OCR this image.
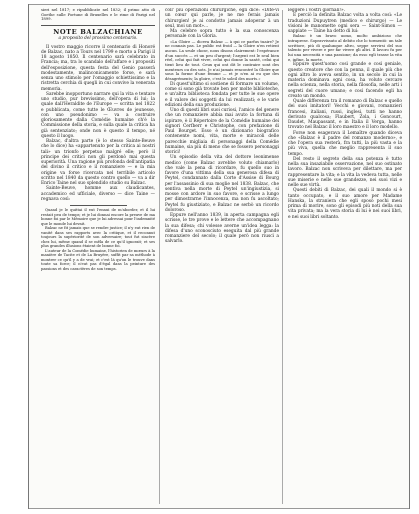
sieri nel 1817; e ripubblicate nel 1832; il primo atto di Goethe sulle Fortune di Bruxelles e le rime di Parigi nel 1899.

NOTE BALZACHIANE
a proposito del prossimo centenario.

Il vostro maggio ricorre il centenario di Honoré de Balzac, nato a Tours nel 1799 e morto a Parigi il 18 agosto 1850. Il centenario sarà celebrato in Francia; ma, tra lo scandalo dell'affare e i propositi dell'esposizione, questa festa del Genio passerà modestamente, malinconicamente forse, e sarà senza uno stimolo per l'omaggio schiettissimo e la ristretta cerchia di quegli in cui convive la venerata memoria.

Sarebbe inopportuno narrare qui la vita e tentare uno studio, pur brevissimo, dell'opera di lui; la quale dall'Heraldite de l'Europe — scritta nel 1822 e pubblicata, come tutte le Œuvres de jeunesse, con uno pseudonimo — va a costruire gloriosamente dalla Comédie humaine ch'è la Commissione della storia, e sulla quale la critica ha già sentenziato; onde non è questo il tempo, né questo il luogo.

Balzac, d'altra parte (è lo stesso Sainte-Beuve che lo dice) ha «appartenuto per la critica ai nostri tali» un trionfo perpetuo malgré elle; però il principe dei critici non gli perdonò mai questa superiorità. Una ragione più profonda dell'antipatia del divino il critico e il romanziere — e la mia origine va forse ricercata nel terribile articolo scritto nel 1840 da questo contro quello — va a dir Enrico Taine nel suo splendido studio su Balzac.

Sainte-Beuve, homme aux claudicantes, accademico ed ufficiale, diverso — dice Taine — regnava così:

Quand je le quittai il eut l'ennui de m'aborder, et il lui restait peu de temps; et je lui donnai encore la preuve de ma bonne foi par le Mémoire que je lui adressai pour l'indemnité que le monde lui devait.

Balzac ne fit jamais que se rendre justice; il n'y eut rien de vanité dans ses rapports avec la critique, et il reconnut toujours la supériorité de son adversaire; tout fut sincère chez lui, même quand il se mêla de ce qu'il ignorait; et ses plus grandes illusions étaient de bonne foi.

L'auteur de la Comédie humaine, l'historien de mœurs à la manière de Tacite et de La Bruyère, suffit par sa méthode à montrer ce qu'il y a de vrai; et c'est là qu'on le trouve dans toute sa force; il n'eut pas d'égal dans la peinture des passions et des caractères de son temps.

coll' più operazioni chirurgiche, egli dice: «Dite-vi un cœur qui parle, je ne me ferais jamais chirurgien! je ai condotto jamais adoperar à un seul, moi un mot»...

Ma celebre sopra tutto è la sua conoscenza personale con la Gloria.

«La Gloire — diceva Balzac — à qui ce parfus tuaire? Je ne connais pas. Le public est froid — la Gloire n'en retient aucun. La seule chose, nous disons clairement: l'espérance d'un succès — et un peu d'argent; l'argent est le seul bien réel, celui qui fait vivre, celui qui donne la santé, celui qui tient lieu de tout. Ceux qui ont dit le contraire sont des menteurs ou des sots. Je n'ai jamais rencontré la Gloire que sous la forme d'une femme — et je n'en ai eu que des désagréments; la gloire, c'est le soleil des morts.»

Di quest'ultimo si sostiene di formare un volume, come si sono già trovate ben per molte biblioteche, e un'altra biblioteca fondata per tutte le sue opere e il valore dei soggetti da lui realizzati; e le varie edizioni della sua produzione.

Uno di questi libri suoi curiosi, l'amico del genere che un romanziere abbia mai avuto la fortuna di ispirare, è il Répertoire de la Comédie humaine dei signori Cerfberr e Christophe, con prefazione di Paul Bourget. Esso è un dizionario biografico contenente nomi, vita, morte e miracoli delle parecchie migliaia di personaggi della Comédie humaine, sia più di meno che se fossero personaggi storici!

Un episodio della vita del dottore leonimense medico (come Balzac avrebbe voluto chiamarlo) che vale la pena di ricordare, fu quello suo in favore d'una vittima della sua generosa difesa di Peytel, condannato dalla Corte d'Assise di Bourg per l'assassinio di sua moglie nel 1838. Balzac, che sentiva nella morte di Peytel un'ingiustizia, si mosse con ardore in suo favore, e scrisse a lungo per dimostrarne l'innocenza, ma non fu ascoltato; Peytel fu giustiziato, e Balzac ne serbò un ricordo doloroso.

Eppure nell'anno 1839, in aperta campagna egli scrisse, le tre prove e le lettere che accompagnano la sua difesa; chi volesse averne un'idea legga: la difesa d'uno sconosciuto eseguita dal più grande romanziere del secolo; il quale però non riuscì a salvarlo.

leggere i vostri giornali!».

E perciò la definita Balzac volta a volta così: «Le traduzioni Dupuytren (medico e chirurgo) — Le visioni le manomette ogni sera — Saint-Simon — sappiate — Taine ha detto di lui:

Balzac è un bravo uomo, molto ambizioso che intraprese. Sopravvissuto al debito che lo tormentò: un tale scrittore, più di qualunque altro, seppe servirsi del suo talento per vivere e per far vivere gli altri. Il lavoro fu per lui una necessità e una passione; da esso egli trasse la vita e, infine, la morte.

Eppure quest'uomo così grande e così geniale, questo creatore che con la penna, il quale più che ogni altro lo aveva sentito, in un secolo in cui la materia dominava ogni cosa, ha voluto cercare nella scienza, nella storia, nella filosofia, nelle arti i segreti del cuore umano; e così facendo egli ha creato un mondo.

Quale differenza tra il romanzo di Balzac e quello dei suoi imitatori! Vecchi e giovani, romanzieri francesi, italiani, russi, inglesi, tutti ne hanno derivato qualcosa; Flaubert, Zola, i Goncourt, Daudet, Maupassant, e in Italia il Verga, hanno trovato nel Balzac il loro maestro e il loro modello.

Forse non esagerava il Lemaître quando diceva che «Balzac è il padre del romanzo moderno», e che l'opera sua resterà, fra tutti, la più vasta e la più viva, quella che meglio rappresenta il suo tempo.

Del resto il segreto della sua potenza è tutto nella sua insaziabile osservazione, nel suo ostinato lavoro. Balzac non scriveva per dilettare, ma per rappresentare la vita; e la vita la vedeva tutta, nelle sue miserie e nelle sue grandezze, nei suoi vizi e nelle sue virtù.

Questi debiti di Balzac, dei quali il mondo si è tanto occupato, e il suo amore per Madame Hanska, la straniera che egli sposò pochi mesi prima di morire, sono gli episodi più noti della sua vita privata; ma la vera storia di lui è nei suoi libri, e nei suoi libri soltanto.
